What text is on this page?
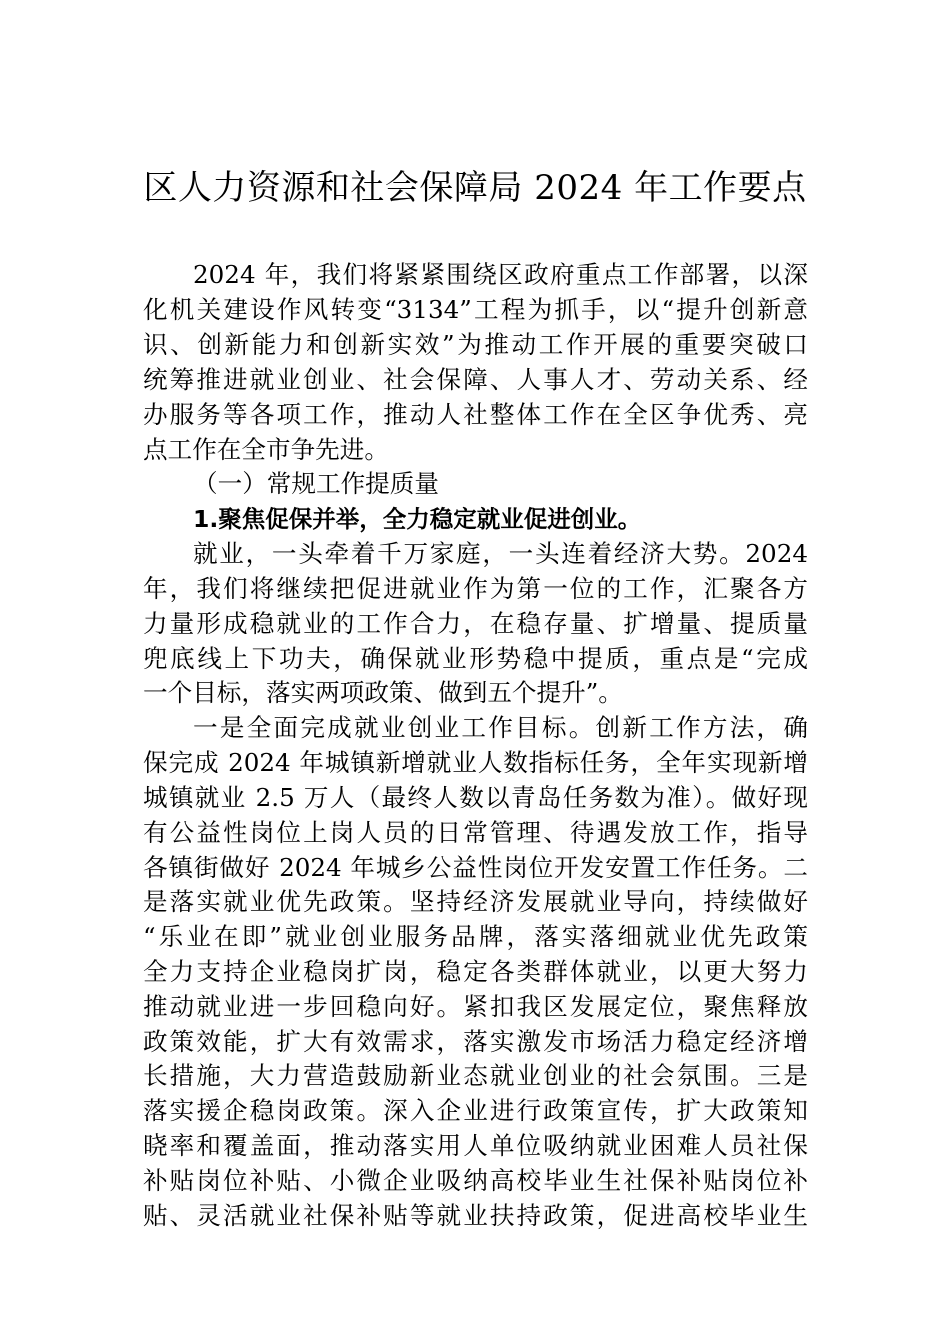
区人力资源和社会保障局 2024 年工作要点
2024 年，我们将紧紧围绕区政府重点工作部署，以深
化机关建设作风转变“3134”工程为抓手，以“提升创新意
识、创新能力和创新实效”为推动工作开展的重要突破口
统筹推进就业创业、社会保障、人事人才、劳动关系、经
办服务等各项工作，推动人社整体工作在全区争优秀、亮
点工作在全市争先进。
（一）常规工作提质量
1.聚焦促保并举，全力稳定就业促进创业。
就业，一头牵着千万家庭，一头连着经济大势。2024
年，我们将继续把促进就业作为第一位的工作，汇聚各方
力量形成稳就业的工作合力，在稳存量、扩增量、提质量
兜底线上下功夫，确保就业形势稳中提质，重点是“完成
一个目标，落实两项政策、做到五个提升”。
一是全面完成就业创业工作目标。创新工作方法，确
保完成 2024 年城镇新增就业人数指标任务，全年实现新增
城镇就业 2.5 万人（最终人数以青岛任务数为准）。做好现
有公益性岗位上岗人员的日常管理、待遇发放工作，指导
各镇街做好 2024 年城乡公益性岗位开发安置工作任务。二
是落实就业优先政策。坚持经济发展就业导向，持续做好
“乐业在即”就业创业服务品牌，落实落细就业优先政策
全力支持企业稳岗扩岗，稳定各类群体就业，以更大努力
推动就业进一步回稳向好。紧扣我区发展定位，聚焦释放
政策效能，扩大有效需求，落实激发市场活力稳定经济增
长措施，大力营造鼓励新业态就业创业的社会氛围。三是
落实援企稳岗政策。深入企业进行政策宣传，扩大政策知
晓率和覆盖面，推动落实用人单位吸纳就业困难人员社保
补贴岗位补贴、小微企业吸纳高校毕业生社保补贴岗位补
贴、灵活就业社保补贴等就业扶持政策，促进高校毕业生
